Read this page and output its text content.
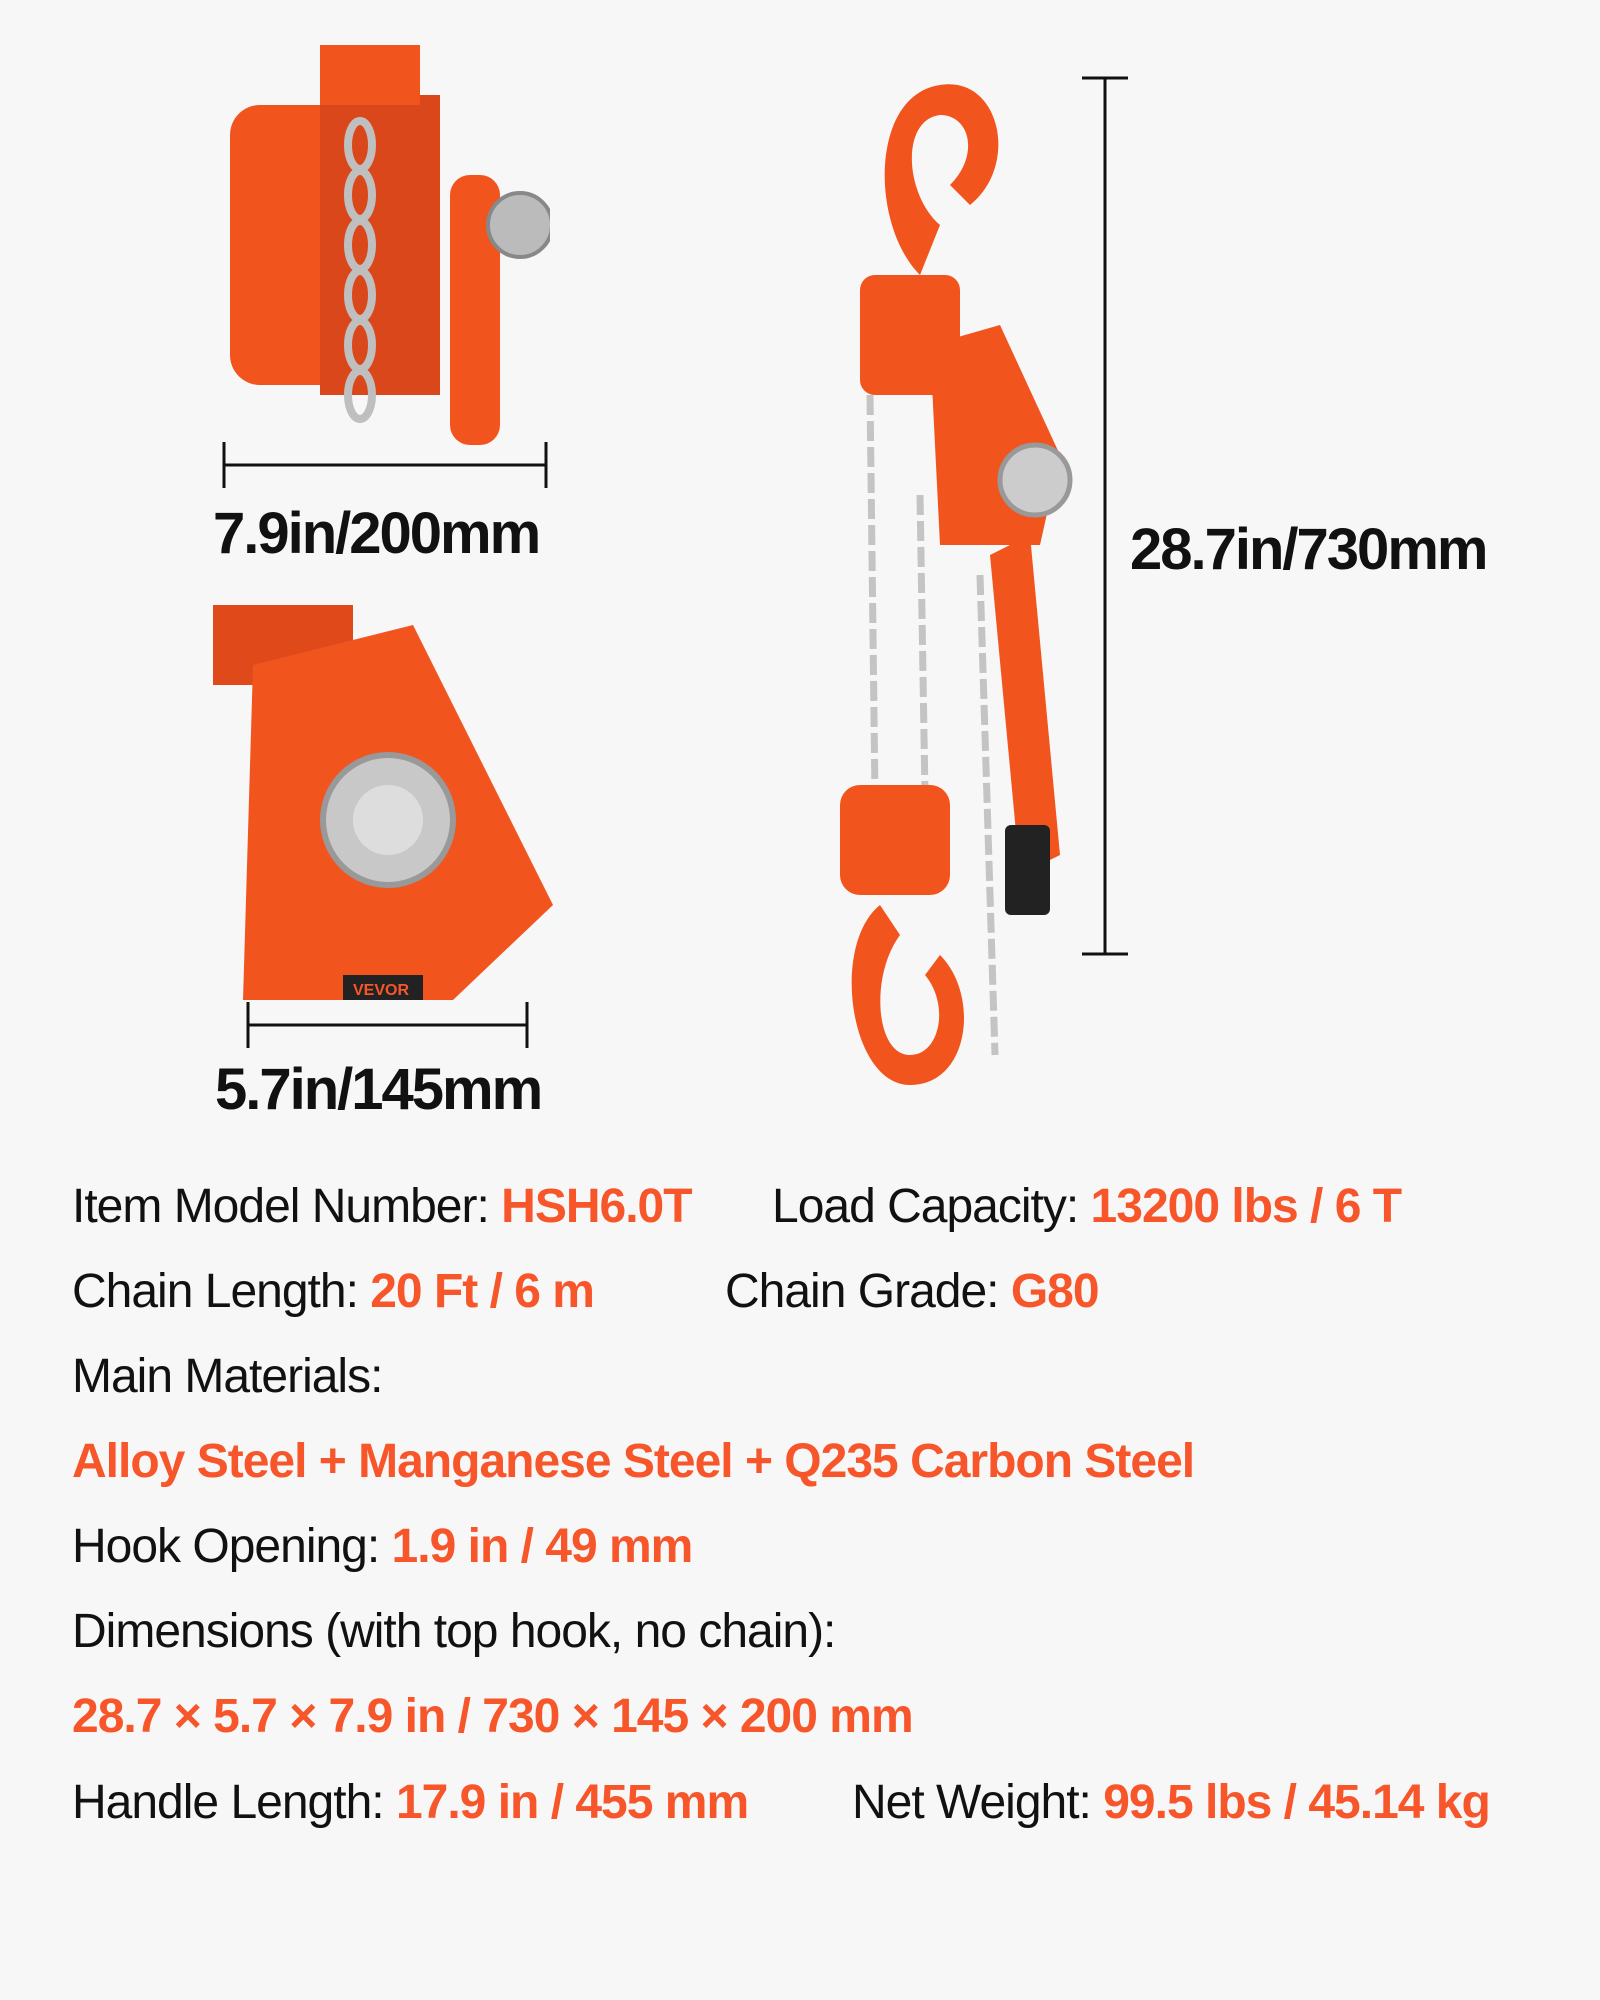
7.9in/200mm
VEVOR
5.7in/145mm
28.7in/730mm
Item Model Number: HSH6.0T Load Capacity: 13200 lbs / 6 T
Chain Length: 20 Ft / 6 m	Chain Grade: G80
Main Materials:
Alloy Steel + Manganese Steel + Q235 Carbon Steel
Hook Opening: 1.9 in / 49 mm
Dimensions (with top hook, no chain):
28.7 × 5.7 × 7.9 in / 730 × 145 × 200 mm
Handle Length: 17.9 in / 455 mm Net Weight: 99.5 lbs / 45.14 kg
